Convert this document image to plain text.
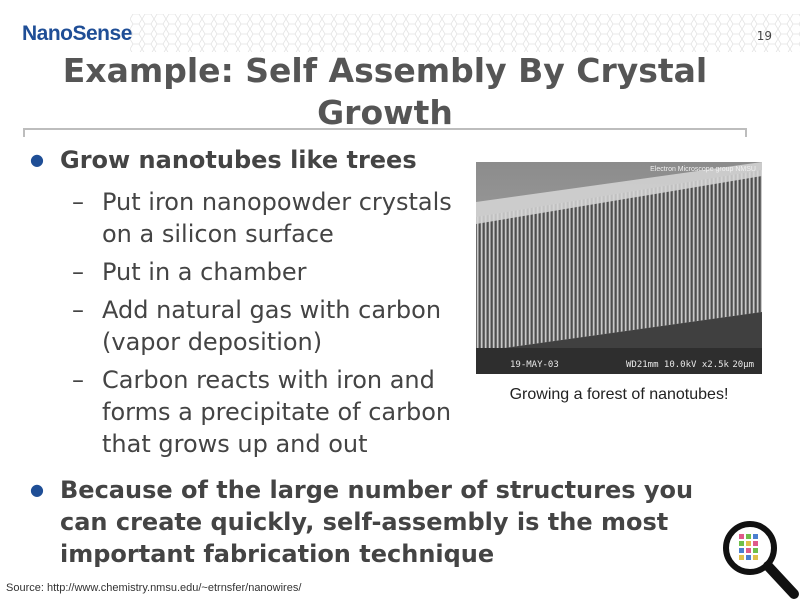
NanoSense	19
Example: Self Assembly By Crystal Growth
● Grow nanotubes like trees
– Put iron nanopowder crystals
on a silicon surface
– Put in a chamber
– Add natural gas with carbon
(vapor deposition)
– Carbon reacts with iron and
forms a precipitate of carbon
that grows up and out
Electron Microscope group NMSU
19-MAY-03	WD21mm 10.0kV x2.5k 20μm
Growing a forest of nanotubes!
● Because of the large number of structures you can create quickly, self-assembly is the most important fabrication technique
Source: http://www.chemistry.nmsu.edu/~etrnsfer/nanowires/
